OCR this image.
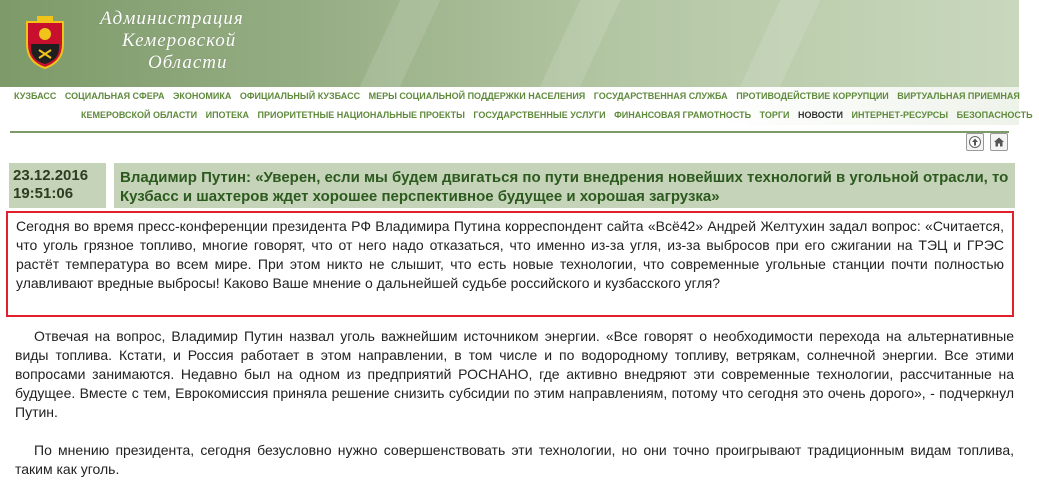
Администрация
Кемеровской
Области
КУЗБАСС СОЦИАЛЬНАЯ СФЕРА ЭКОНОМИКА ОФИЦИАЛЬНЫЙ КУЗБАСС МЕРЫ СОЦИАЛЬНОЙ ПОДДЕРЖКИ НАСЕЛЕНИЯ ГОСУДАРСТВЕННАЯ СЛУЖБА ПРОТИВОДЕЙСТВИЕ КОРРУПЦИИ ВИРТУАЛЬНАЯ ПРИЕМНАЯ
КЕМЕРОВСКОЙ ОБЛАСТИ ИПОТЕКА ПРИОРИТЕТНЫЕ НАЦИОНАЛЬНЫЕ ПРОЕКТЫ ГОСУДАРСТВЕННЫЕ УСЛУГИ ФИНАНСОВАЯ ГРАМОТНОСТЬ ТОРГИ НОВОСТИ ИНТЕРНЕТ-РЕСУРСЫ БЕЗОПАСНОСТЬ
23.12.2016
19:51:06
Владимир Путин: «Уверен, если мы будем двигаться по пути внедрения новейших технологий в угольной отрасли, то Кузбасс и шахтеров ждет хорошее перспективное будущее и хорошая загрузка»
Сегодня во время пресс-конференции президента РФ Владимира Путина корреспондент сайта «Всё42» Андрей Желтухин задал вопрос: «Считается, что уголь грязное топливо, многие говорят, что от него надо отказаться, что именно из-за угля, из-за выбросов при его сжигании на ТЭЦ и ГРЭС растёт температура во всем мире. При этом никто не слышит, что есть новые технологии, что современные угольные станции почти полностью улавливают вредные выбросы! Каково Ваше мнение о дальнейшей судьбе российского и кузбасского угля?

Отвечая на вопрос, Владимир Путин назвал уголь важнейшим источником энергии. «Все говорят о необходимости перехода на альтернативные виды топлива. Кстати, и Россия работает в этом направлении, в том числе и по водородному топливу, ветрякам, солнечной энергии. Все этими вопросами занимаются. Недавно был на одном из предприятий РОСНАНО, где активно внедряют эти современные технологии, рассчитанные на будущее. Вместе с тем, Еврокомиссия приняла решение снизить субсидии по этим направлениям, потому что сегодня это очень дорого», - подчеркнул Путин.

По мнению президента, сегодня безусловно нужно совершенствовать эти технологии, но они точно проигрывают традиционным видам топлива, таким как уголь.
